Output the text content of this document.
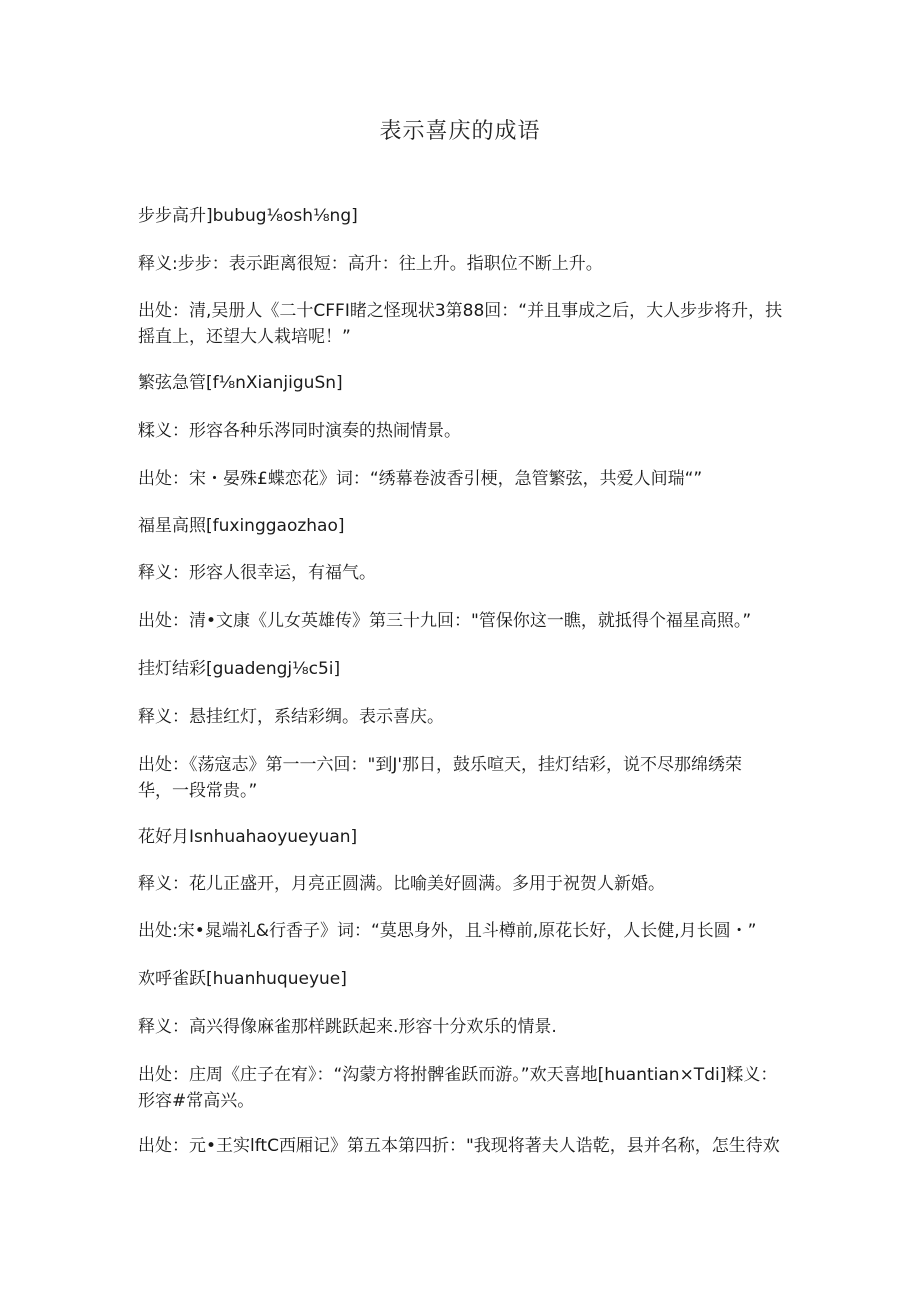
表示喜庆的成语
步步高升]bubug⅛osh⅛ng]
释义:步步：表示距离很短：高升：往上升。指职位不断上升。
出处：清,吴册人《二十CFFI睹之怪现状3第88回：“并且事成之后，大人步步将升，扶摇直上，还望大人栽培呢！”
繁弦急管[f⅛nXianjiguSn]
糅义：形容各种乐涔同时演奏的热闹情景。
出处：宋・晏殊£蝶恋花》词：“绣幕卷波香引梗，急管繁弦，共爱人间瑞“”
福星高照[fuxinggaozhao]
释义：形容人很幸运，有福气。
出处：清•文康《儿女英雄传》第三十九回："管保你这一瞧，就抵得个福星高照。”
挂灯结彩[guadengj⅛c5i]
释义：悬挂红灯，系结彩绸。表示喜庆。
出处：《荡寇志》第一一六回："到J'那日，鼓乐喧天，挂灯结彩，说不尽那绵绣荣华，一段常贵。”
花好月Isnhuahaoyueyuan]
释义：花儿正盛开，月亮正圆满。比喻美好圆满。多用于祝贺人新婚。
出处:宋•晁端礼&行香子》词：“莫思身外，且斗樽前,原花长好，人长健,月长圆・”
欢呼雀跃[huanhuqueyue]
释义：高兴得像麻雀那样跳跃起来.形容十分欢乐的情景.
出处：庄周《庄子在宥》：“沟蒙方将拊髀雀跃而游。”欢天喜地[huantian×Tdi]糅义：形容#常高兴。
出处：元•王实lftC西厢记》第五本第四折："我现将著夫人诰乾，县并名称，怎生待欢
